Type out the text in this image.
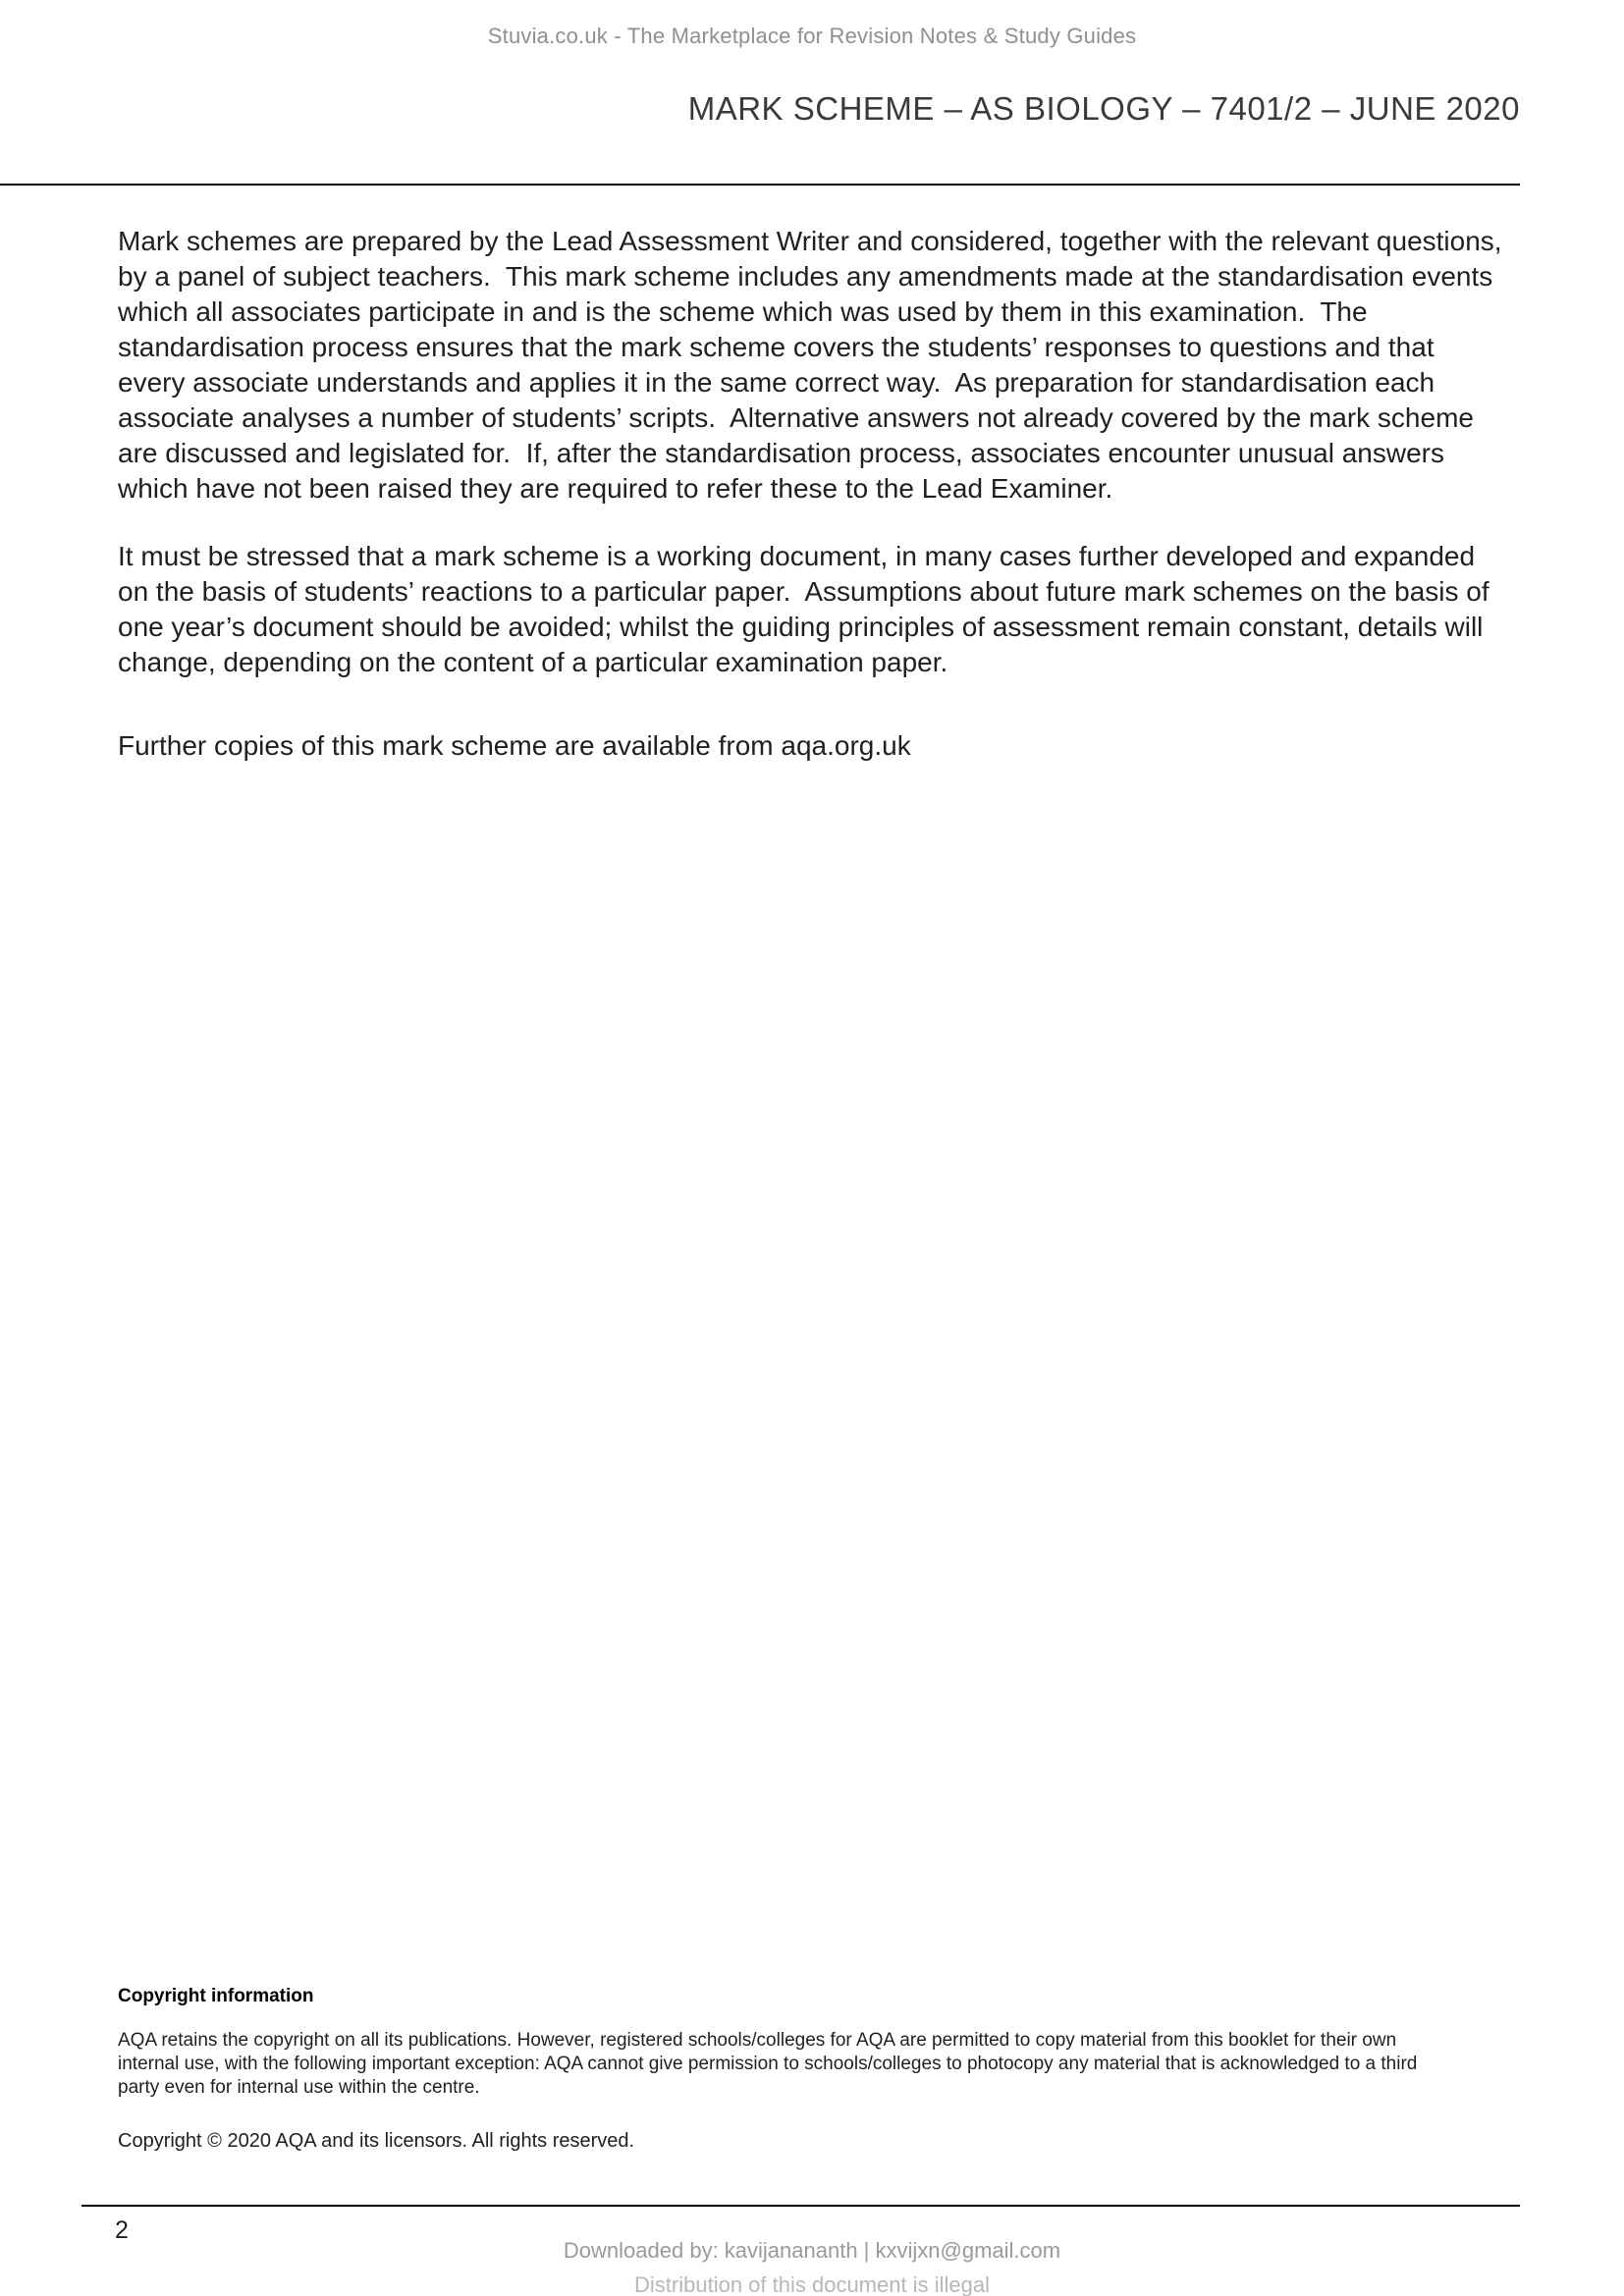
Stuvia.co.uk - The Marketplace for Revision Notes & Study Guides
MARK SCHEME – AS BIOLOGY – 7401/2 – JUNE 2020

Mark schemes are prepared by the Lead Assessment Writer and considered, together with the relevant questions, by a panel of subject teachers.  This mark scheme includes any amendments made at the standardisation events which all associates participate in and is the scheme which was used by them in this examination.  The standardisation process ensures that the mark scheme covers the students’ responses to questions and that every associate understands and applies it in the same correct way.  As preparation for standardisation each associate analyses a number of students’ scripts.  Alternative answers not already covered by the mark scheme are discussed and legislated for.  If, after the standardisation process, associates encounter unusual answers which have not been raised they are required to refer these to the Lead Examiner.

It must be stressed that a mark scheme is a working document, in many cases further developed and expanded on the basis of students’ reactions to a particular paper.  Assumptions about future mark schemes on the basis of one year’s document should be avoided; whilst the guiding principles of assessment remain constant, details will change, depending on the content of a particular examination paper.

Further copies of this mark scheme are available from aqa.org.uk

Copyright information

AQA retains the copyright on all its publications. However, registered schools/colleges for AQA are permitted to copy material from this booklet for their own internal use, with the following important exception: AQA cannot give permission to schools/colleges to photocopy any material that is acknowledged to a third party even for internal use within the centre.

Copyright © 2020 AQA and its licensors. All rights reserved.

2
Downloaded by: kavijanananth | kxvijxn@gmail.com
Distribution of this document is illegal
